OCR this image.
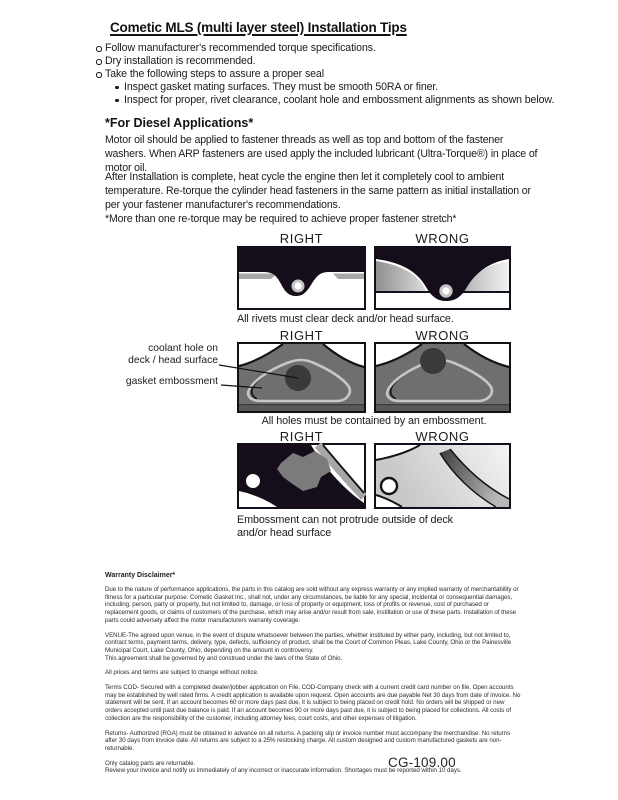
Cometic MLS (multi layer steel) Installation Tips
Follow manufacturer's recommended torque specifications.
Dry installation is recommended.
Take the following steps to assure a proper seal
Inspect gasket mating surfaces. They must be smooth 50RA or finer.
Inspect for proper, rivet clearance, coolant hole and embossment alignments as shown below.
*For Diesel Applications*
Motor oil should be applied to fastener threads as well as top and bottom of the fastener washers. When ARP fasteners are used apply the included lubricant (Ultra-Torque®) in place of motor oil.
After Installation is complete, heat cycle the engine then let it completely cool to ambient temperature. Re-torque the cylinder head fasteners in the same pattern as initial installation or per your fastener manufacturer's recommendations.
*More than one re-torque may be required to achieve proper fastener stretch*
RIGHT	WRONG
All rivets must clear deck and/or head surface.
RIGHT	WRONG
coolant hole on
deck / head surface
gasket embossment
All holes must be contained by an embossment.
RIGHT	WRONG
Embossment can not protrude outside of deck
and/or head surface
Warranty Disclaimer*

Due to the nature of performance applications, the parts in this catalog are sold without any express warranty or any implied warranty of merchantability or fitness for a particular purpose. Cometic Gasket Inc., shall not, under any circumstances, be liable for any special, incidental or consequential damages, including, person, party or property, but not limited to, damage, or loss of property or equipment, loss of profits or revenue, cost of purchased or replacement goods, or claims of customers of the purchase, which may arise and/or result from sale, instillation or use of these parts. Installation of these parts could adversely affect the motor manufacturers warranty coverage.

VENUE-The agreed upon venue, in the event of dispute whatsoever between the parties, whether instituted by either party, including, but not limited to, contract terms, payment terms, delivery, type, defects, sufficiency of product, shall be the Court of Common Pleas, Lake County, Ohio or the Painesville Municipal Court, Lake County, Ohio, depending on the amount in controversy.

This agreement shall be governed by and construed under the laws of the State of Ohio.

All prices and terms are subject to change without notice.

Terms COD- Secured with a completed dealer/jobber application on File, COD-Company check with a current credit card number on file. Open accounts may be established by well rated firms. A credit application is available upon request. Open accounts are due payable Net 30 days from date of invoice. No statement will be sent. If an account becomes 60 or more days past due, it is subject to being placed on credit hold. No orders will be shipped or new orders accepted until past due balance is paid. If an account becomes 90 or more days past due, it is subject to being placed for collections. All costs of collection are the responsibility of the customer, including attorney fees, court costs, and other expenses of litigation.

Returns- Authorized (RGA) must be obtained in advance on all returns. A packing slip or invoice number must accompany the merchandise. No returns after 30 days from invoice date. All returns are subject to a 25% restocking charge. All custom designed and custom manufactured gaskets are non-returnable.

Only catalog parts are returnable.

Review your invoice and notify us immediately of any incorrect or inaccurate information. Shortages must be reported within 10 days.

CG-109.00
